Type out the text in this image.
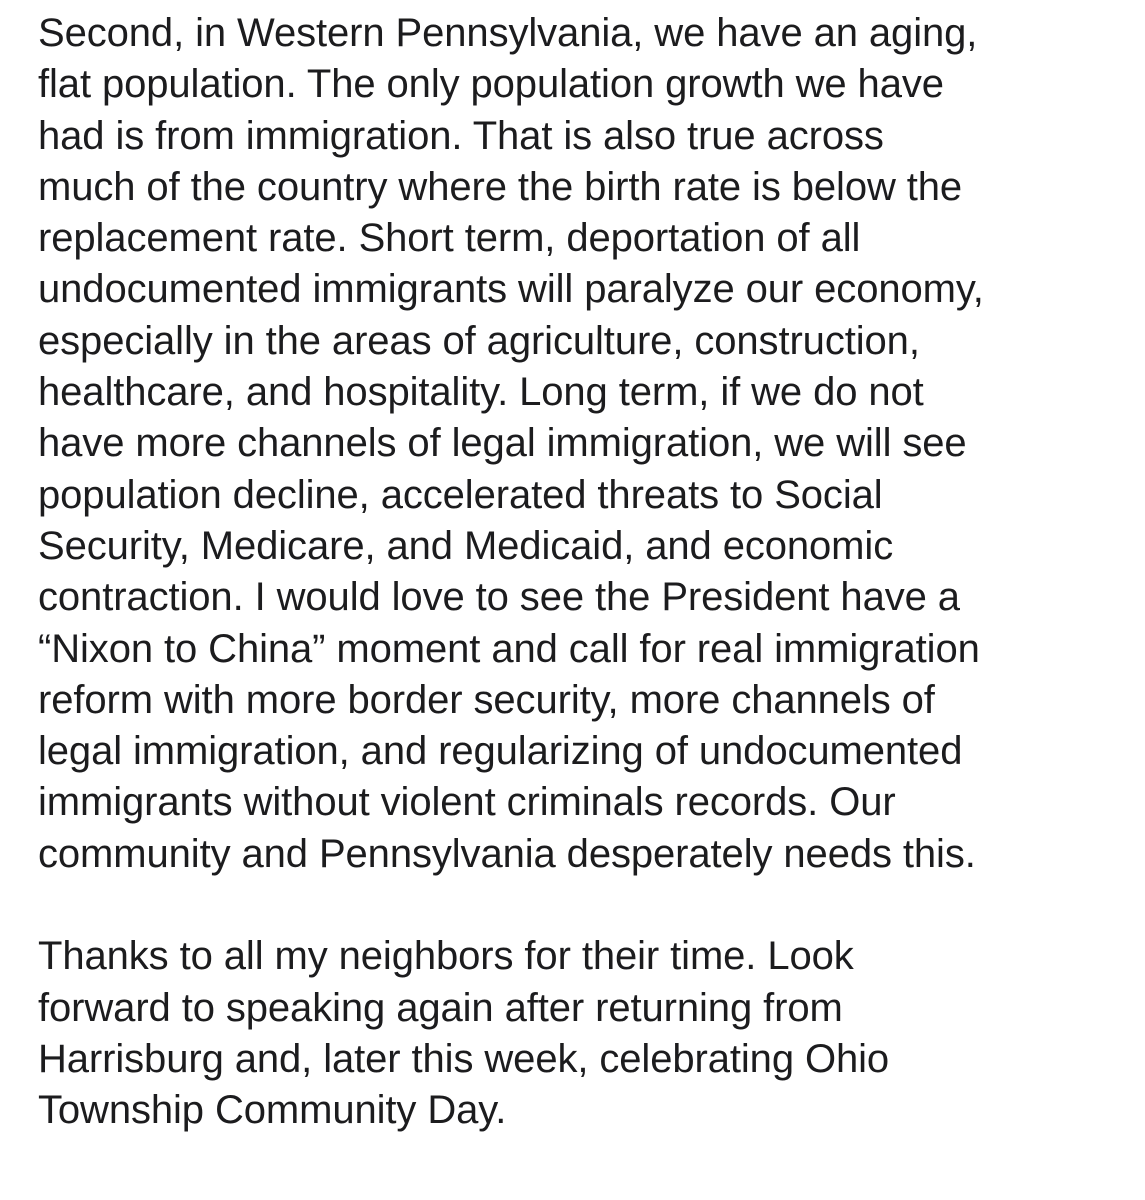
Second, in Western Pennsylvania, we have an aging,
flat population. The only population growth we have
had is from immigration. That is also true across
much of the country where the birth rate is below the
replacement rate. Short term, deportation of all
undocumented immigrants will paralyze our economy,
especially in the areas of agriculture, construction,
healthcare, and hospitality. Long term, if we do not
have more channels of legal immigration, we will see
population decline, accelerated threats to Social
Security, Medicare, and Medicaid, and economic
contraction. I would love to see the President have a
“Nixon to China” moment and call for real immigration
reform with more border security, more channels of
legal immigration, and regularizing of undocumented
immigrants without violent criminals records. Our
community and Pennsylvania desperately needs this.

Thanks to all my neighbors for their time. Look
forward to speaking again after returning from
Harrisburg and, later this week, celebrating Ohio
Township Community Day.
